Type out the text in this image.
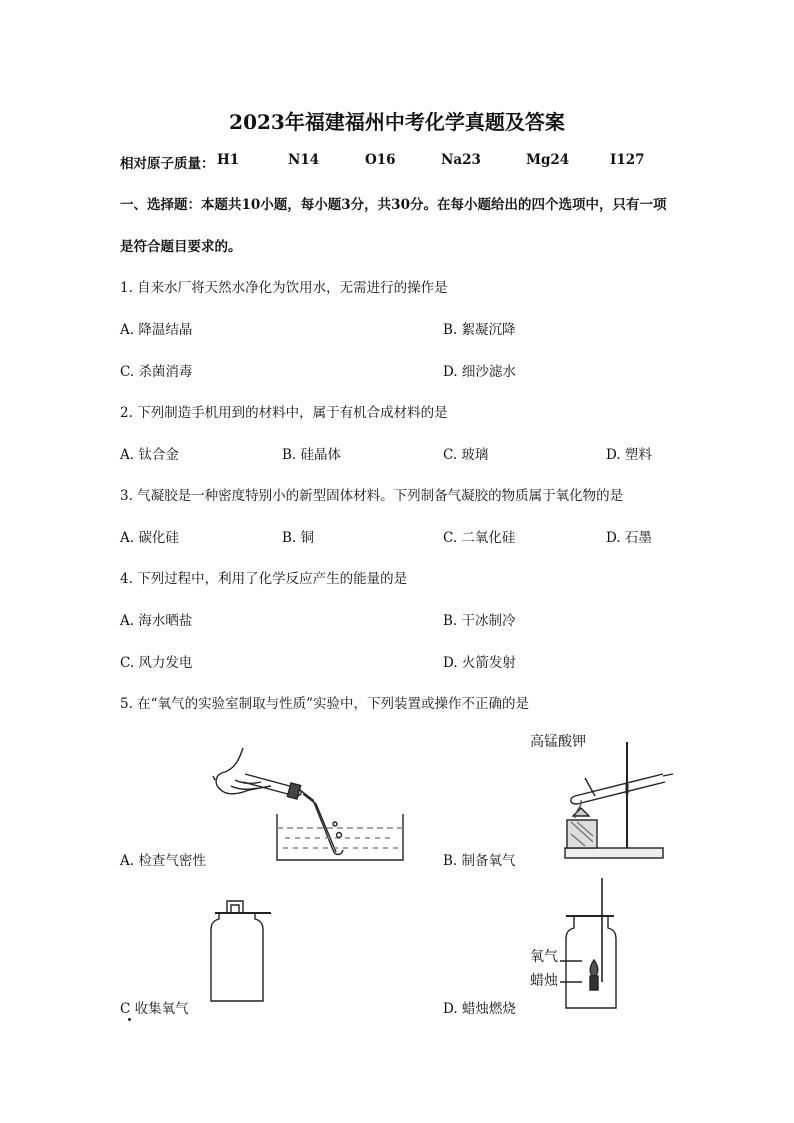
2023年福建福州中考化学真题及答案
相对原子质量： H1	N14	O16	Na23	Mg24	I127
一、选择题：本题共10小题，每小题3分，共30分。在每小题给出的四个选项中，只有一项
是符合题目要求的。
1. 自来水厂将天然水净化为饮用水，无需进行的操作是
A. 降温结晶	B. 絮凝沉降
C. 杀菌消毒	D. 细沙滤水
2. 下列制造手机用到的材料中，属于有机合成材料的是
A. 钛合金	B. 硅晶体	C. 玻璃	D. 塑料
3. 气凝胶是一种密度特别小的新型固体材料。下列制备气凝胶的物质属于氧化物的是
A. 碳化硅	B. 铜	C. 二氧化硅	D. 石墨
4. 下列过程中，利用了化学反应产生的能量的是
A. 海水晒盐	B. 干冰制冷
C. 风力发电	D. 火箭发射
5. 在“氧气的实验室制取与性质”实验中，下列装置或操作不正确的是
A. 检查气密性	B. 制备氧气
C 收集氧气	D. 蜡烛燃烧
高锰酸钾
氧气
蜡烛
